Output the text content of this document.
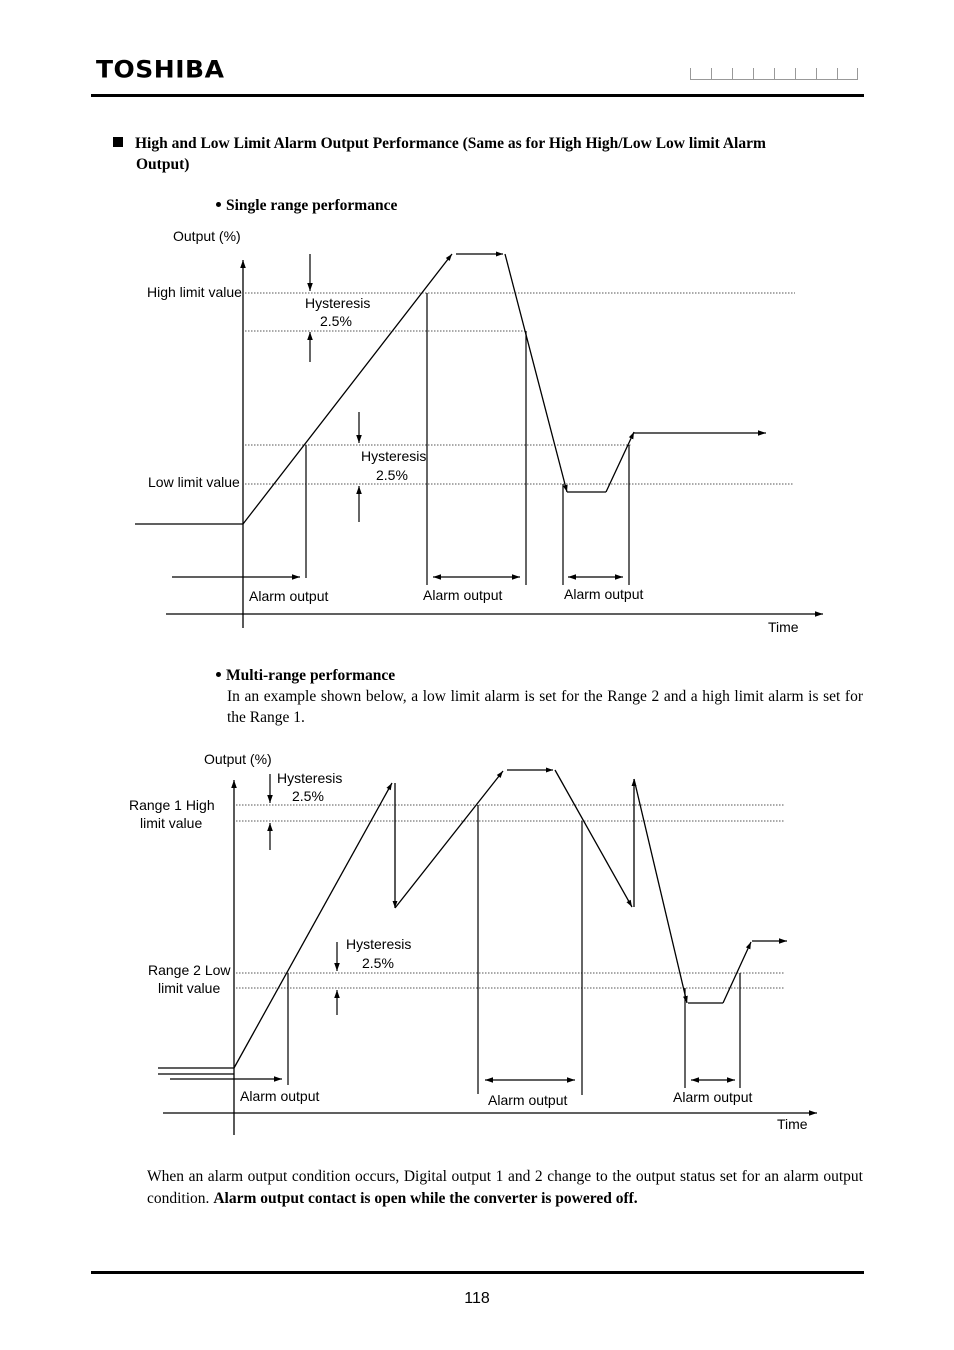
TOSHIBA
High and Low Limit Alarm Output Performance (Same as for High High/Low Low limit Alarm Output)
Single range performance
Output (%)
High limit value
Low limit value
Hysteresis
2.5%
Hysteresis
2.5%
Alarm output	Alarm output	Alarm output
Time
Output (%)
Range 1 High
limit value
Range 2 Low
limit value
Hysteresis
2.5%
Hysteresis
2.5%
Alarm output	Alarm output	Alarm output
Time
Multi-range performance
In an example shown below, a low limit alarm is set for the Range 2 and a high limit alarm is set for the Range 1.
When an alarm output condition occurs, Digital output 1 and 2 change to the output status set for an alarm output condition. Alarm output contact is open while the converter is powered off.
118
